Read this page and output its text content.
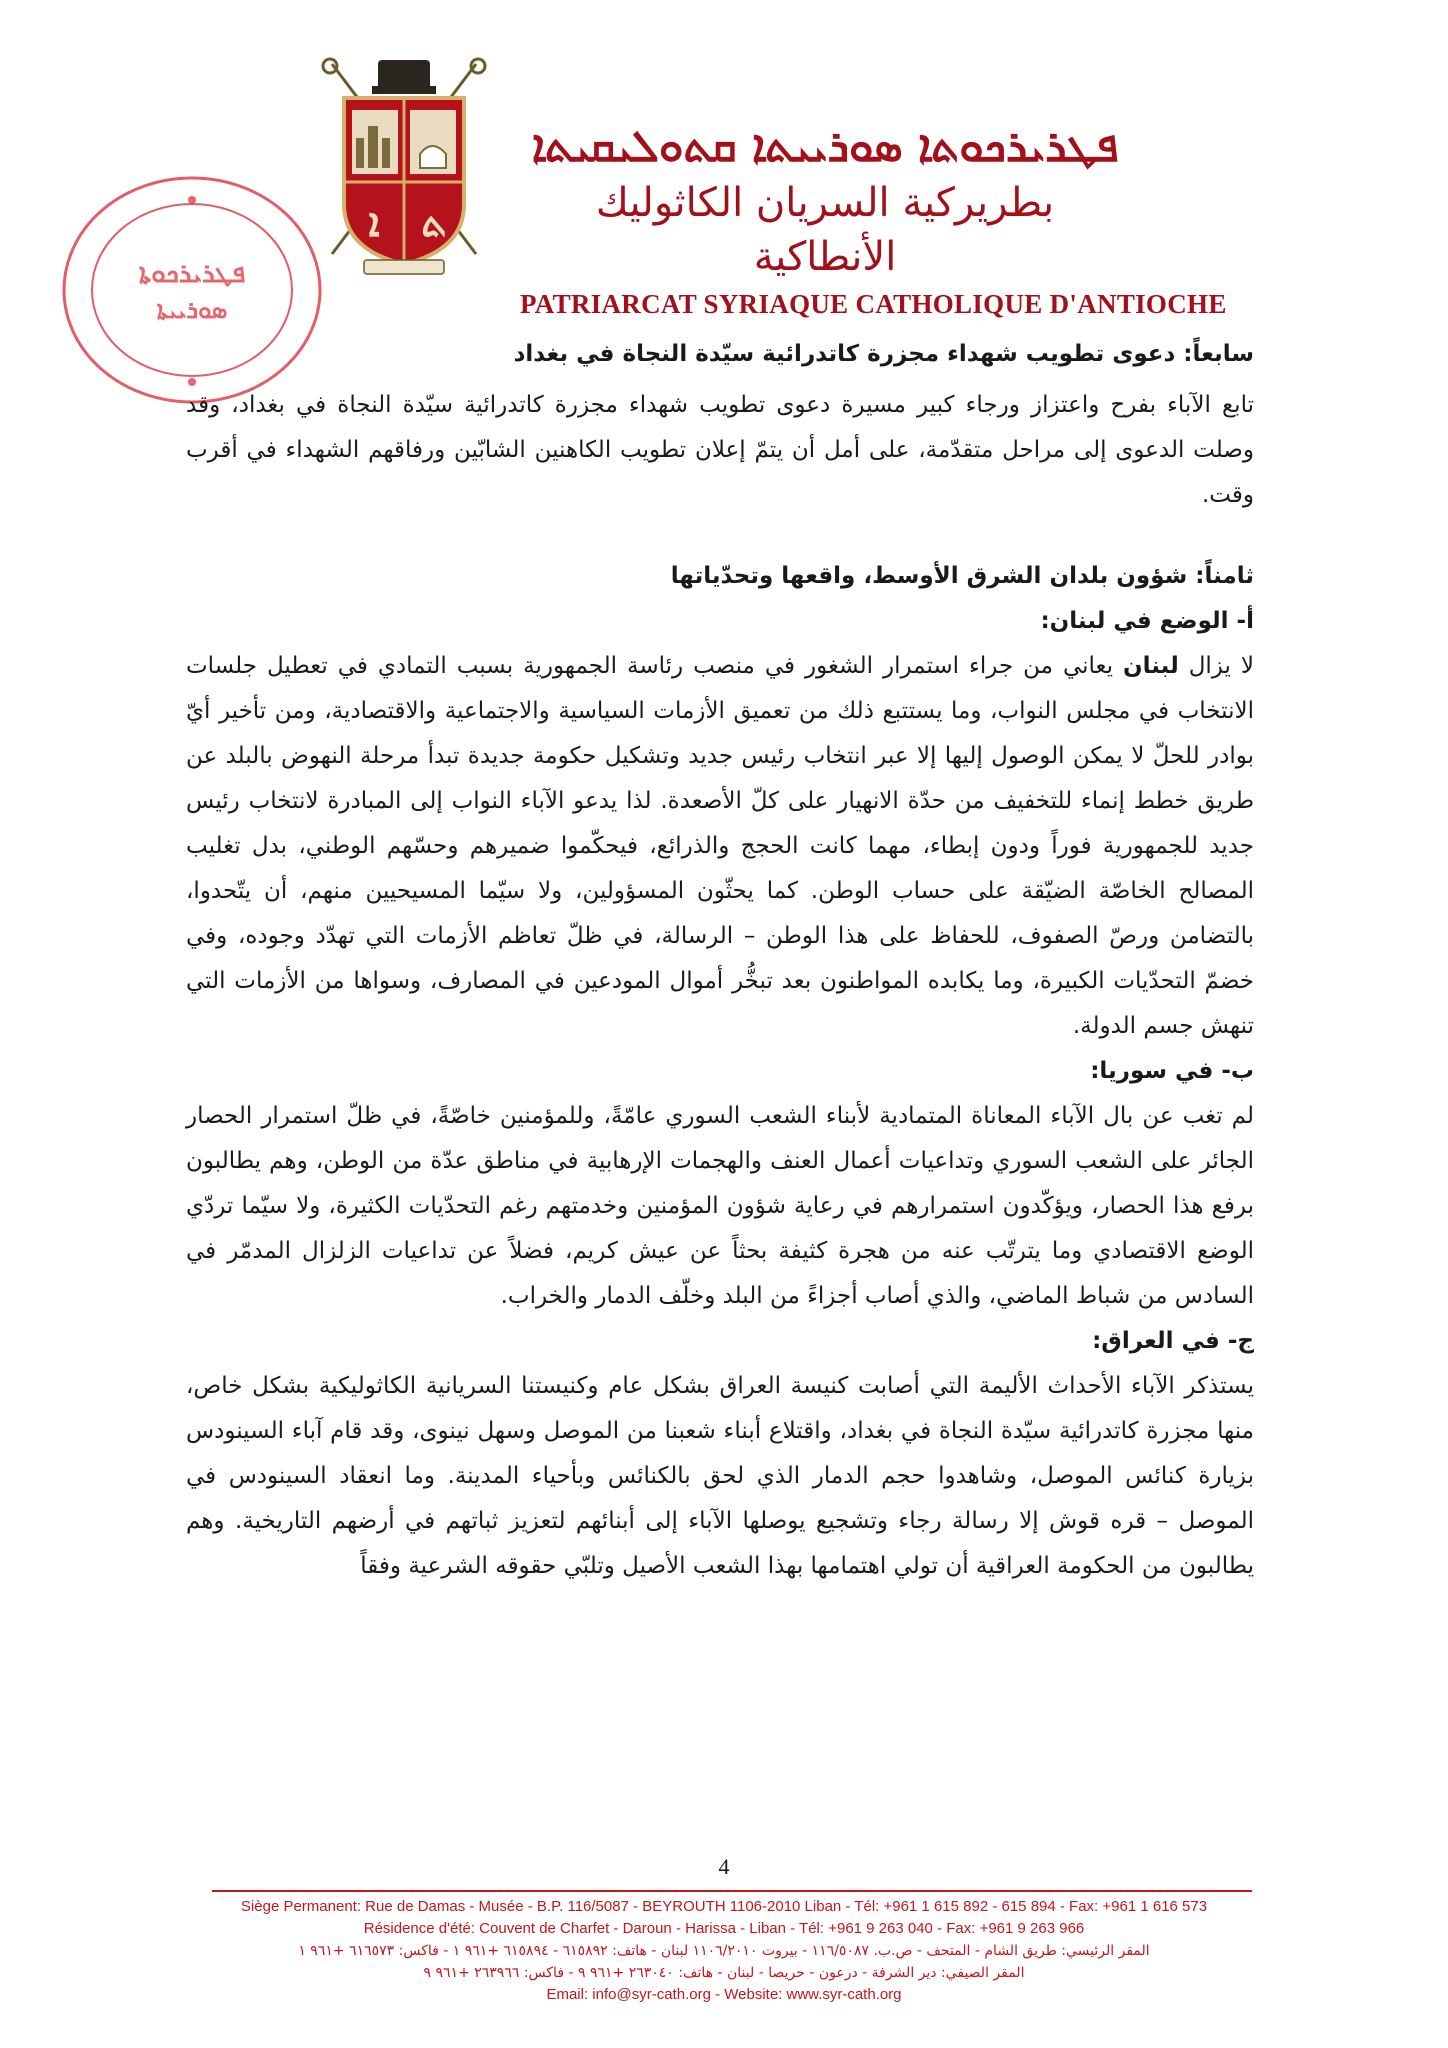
ܦܛܪܝܪܟܘܬܐ
ܣܘܪܝܝܬܐ
ܐ ܬ
ܦܛܪܝܪܟܘܬܐ ܣܘܪܝܝܬܐ ܩܬܘܠܝܩܝܬܐ
بطريركية السريان الكاثوليك الأنطاكية
PATRIARCAT SYRIAQUE CATHOLIQUE D'ANTIOCHE
سابعاً: دعوى تطويب شهداء مجزرة كاتدرائية سيّدة النجاة في بغداد

تابع الآباء بفرح واعتزاز ورجاء كبير مسيرة دعوى تطويب شهداء مجزرة كاتدرائية سيّدة النجاة في بغداد، وقد وصلت الدعوى إلى مراحل متقدّمة، على أمل أن يتمّ إعلان تطويب الكاهنين الشابّين ورفاقهم الشهداء في أقرب وقت.

ثامناً: شؤون بلدان الشرق الأوسط، واقعها وتحدّياتها
أ- الوضع في لبنان:

لا يزال لبنان يعاني من جراء استمرار الشغور في منصب رئاسة الجمهورية بسبب التمادي في تعطيل جلسات الانتخاب في مجلس النواب، وما يستتبع ذلك من تعميق الأزمات السياسية والاجتماعية والاقتصادية، ومن تأخير أيّ بوادر للحلّ لا يمكن الوصول إليها إلا عبر انتخاب رئيس جديد وتشكيل حكومة جديدة تبدأ مرحلة النهوض بالبلد عن طريق خطط إنماء للتخفيف من حدّة الانهيار على كلّ الأصعدة. لذا يدعو الآباء النواب إلى المبادرة لانتخاب رئيس جديد للجمهورية فوراً ودون إبطاء، مهما كانت الحجج والذرائع، فيحكّموا ضميرهم وحسّهم الوطني، بدل تغليب المصالح الخاصّة الضيّقة على حساب الوطن. كما يحثّون المسؤولين، ولا سيّما المسيحيين منهم، أن يتّحدوا، بالتضامن ورصّ الصفوف، للحفاظ على هذا الوطن – الرسالة، في ظلّ تعاظم الأزمات التي تهدّد وجوده، وفي خضمّ التحدّيات الكبيرة، وما يكابده المواطنون بعد تبخُّر أموال المودعين في المصارف، وسواها من الأزمات التي تنهش جسم الدولة.

ب- في سوريا:

لم تغب عن بال الآباء المعاناة المتمادية لأبناء الشعب السوري عامّةً، وللمؤمنين خاصّةً، في ظلّ استمرار الحصار الجائر على الشعب السوري وتداعيات أعمال العنف والهجمات الإرهابية في مناطق عدّة من الوطن، وهم يطالبون برفع هذا الحصار، ويؤكّدون استمرارهم في رعاية شؤون المؤمنين وخدمتهم رغم التحدّيات الكثيرة، ولا سيّما تردّي الوضع الاقتصادي وما يترتّب عنه من هجرة كثيفة بحثاً عن عيش كريم، فضلاً عن تداعيات الزلزال المدمّر في السادس من شباط الماضي، والذي أصاب أجزاءً من البلد وخلّف الدمار والخراب.

ج- في العراق:

يستذكر الآباء الأحداث الأليمة التي أصابت كنيسة العراق بشكل عام وكنيستنا السريانية الكاثوليكية بشكل خاص، منها مجزرة كاتدرائية سيّدة النجاة في بغداد، واقتلاع أبناء شعبنا من الموصل وسهل نينوى، وقد قام آباء السينودس بزيارة كنائس الموصل، وشاهدوا حجم الدمار الذي لحق بالكنائس وبأحياء المدينة. وما انعقاد السينودس في الموصل – قره قوش إلا رسالة رجاء وتشجيع يوصلها الآباء إلى أبنائهم لتعزيز ثباتهم في أرضهم التاريخية. وهم يطالبون من الحكومة العراقية أن تولي اهتمامها بهذا الشعب الأصيل وتلبّي حقوقه الشرعية وفقاً

4
Siège Permanent: Rue de Damas - Musée - B.P. 116/5087 - BEYROUTH 1106-2010 Liban - Tél: +961 1 615 892 - 615 894 - Fax: +961 1 616 573
Résidence d'été: Couvent de Charfet - Daroun - Harissa - Liban - Tél: +961 9 263 040 - Fax: +961 9 263 966
المقر الرئيسي: طريق الشام - المتحف - ص.ب. ١١٦/٥٠٨٧ - بيروت ١١٠٦/٢٠١٠ لبنان - هاتف: ٦١٥٨٩٢ - ٦١٥٨٩٤ +٩٦١ ١ - فاكس: ٦١٦٥٧٣ +٩٦١ ١
المقر الصيفي: دير الشرفة - درعون - حريصا - لبنان - هاتف: ٢٦٣٠٤٠ +٩٦١ ٩ - فاكس: ٢٦٣٩٦٦ +٩٦١ ٩
Email: info@syr-cath.org - Website: www.syr-cath.org
